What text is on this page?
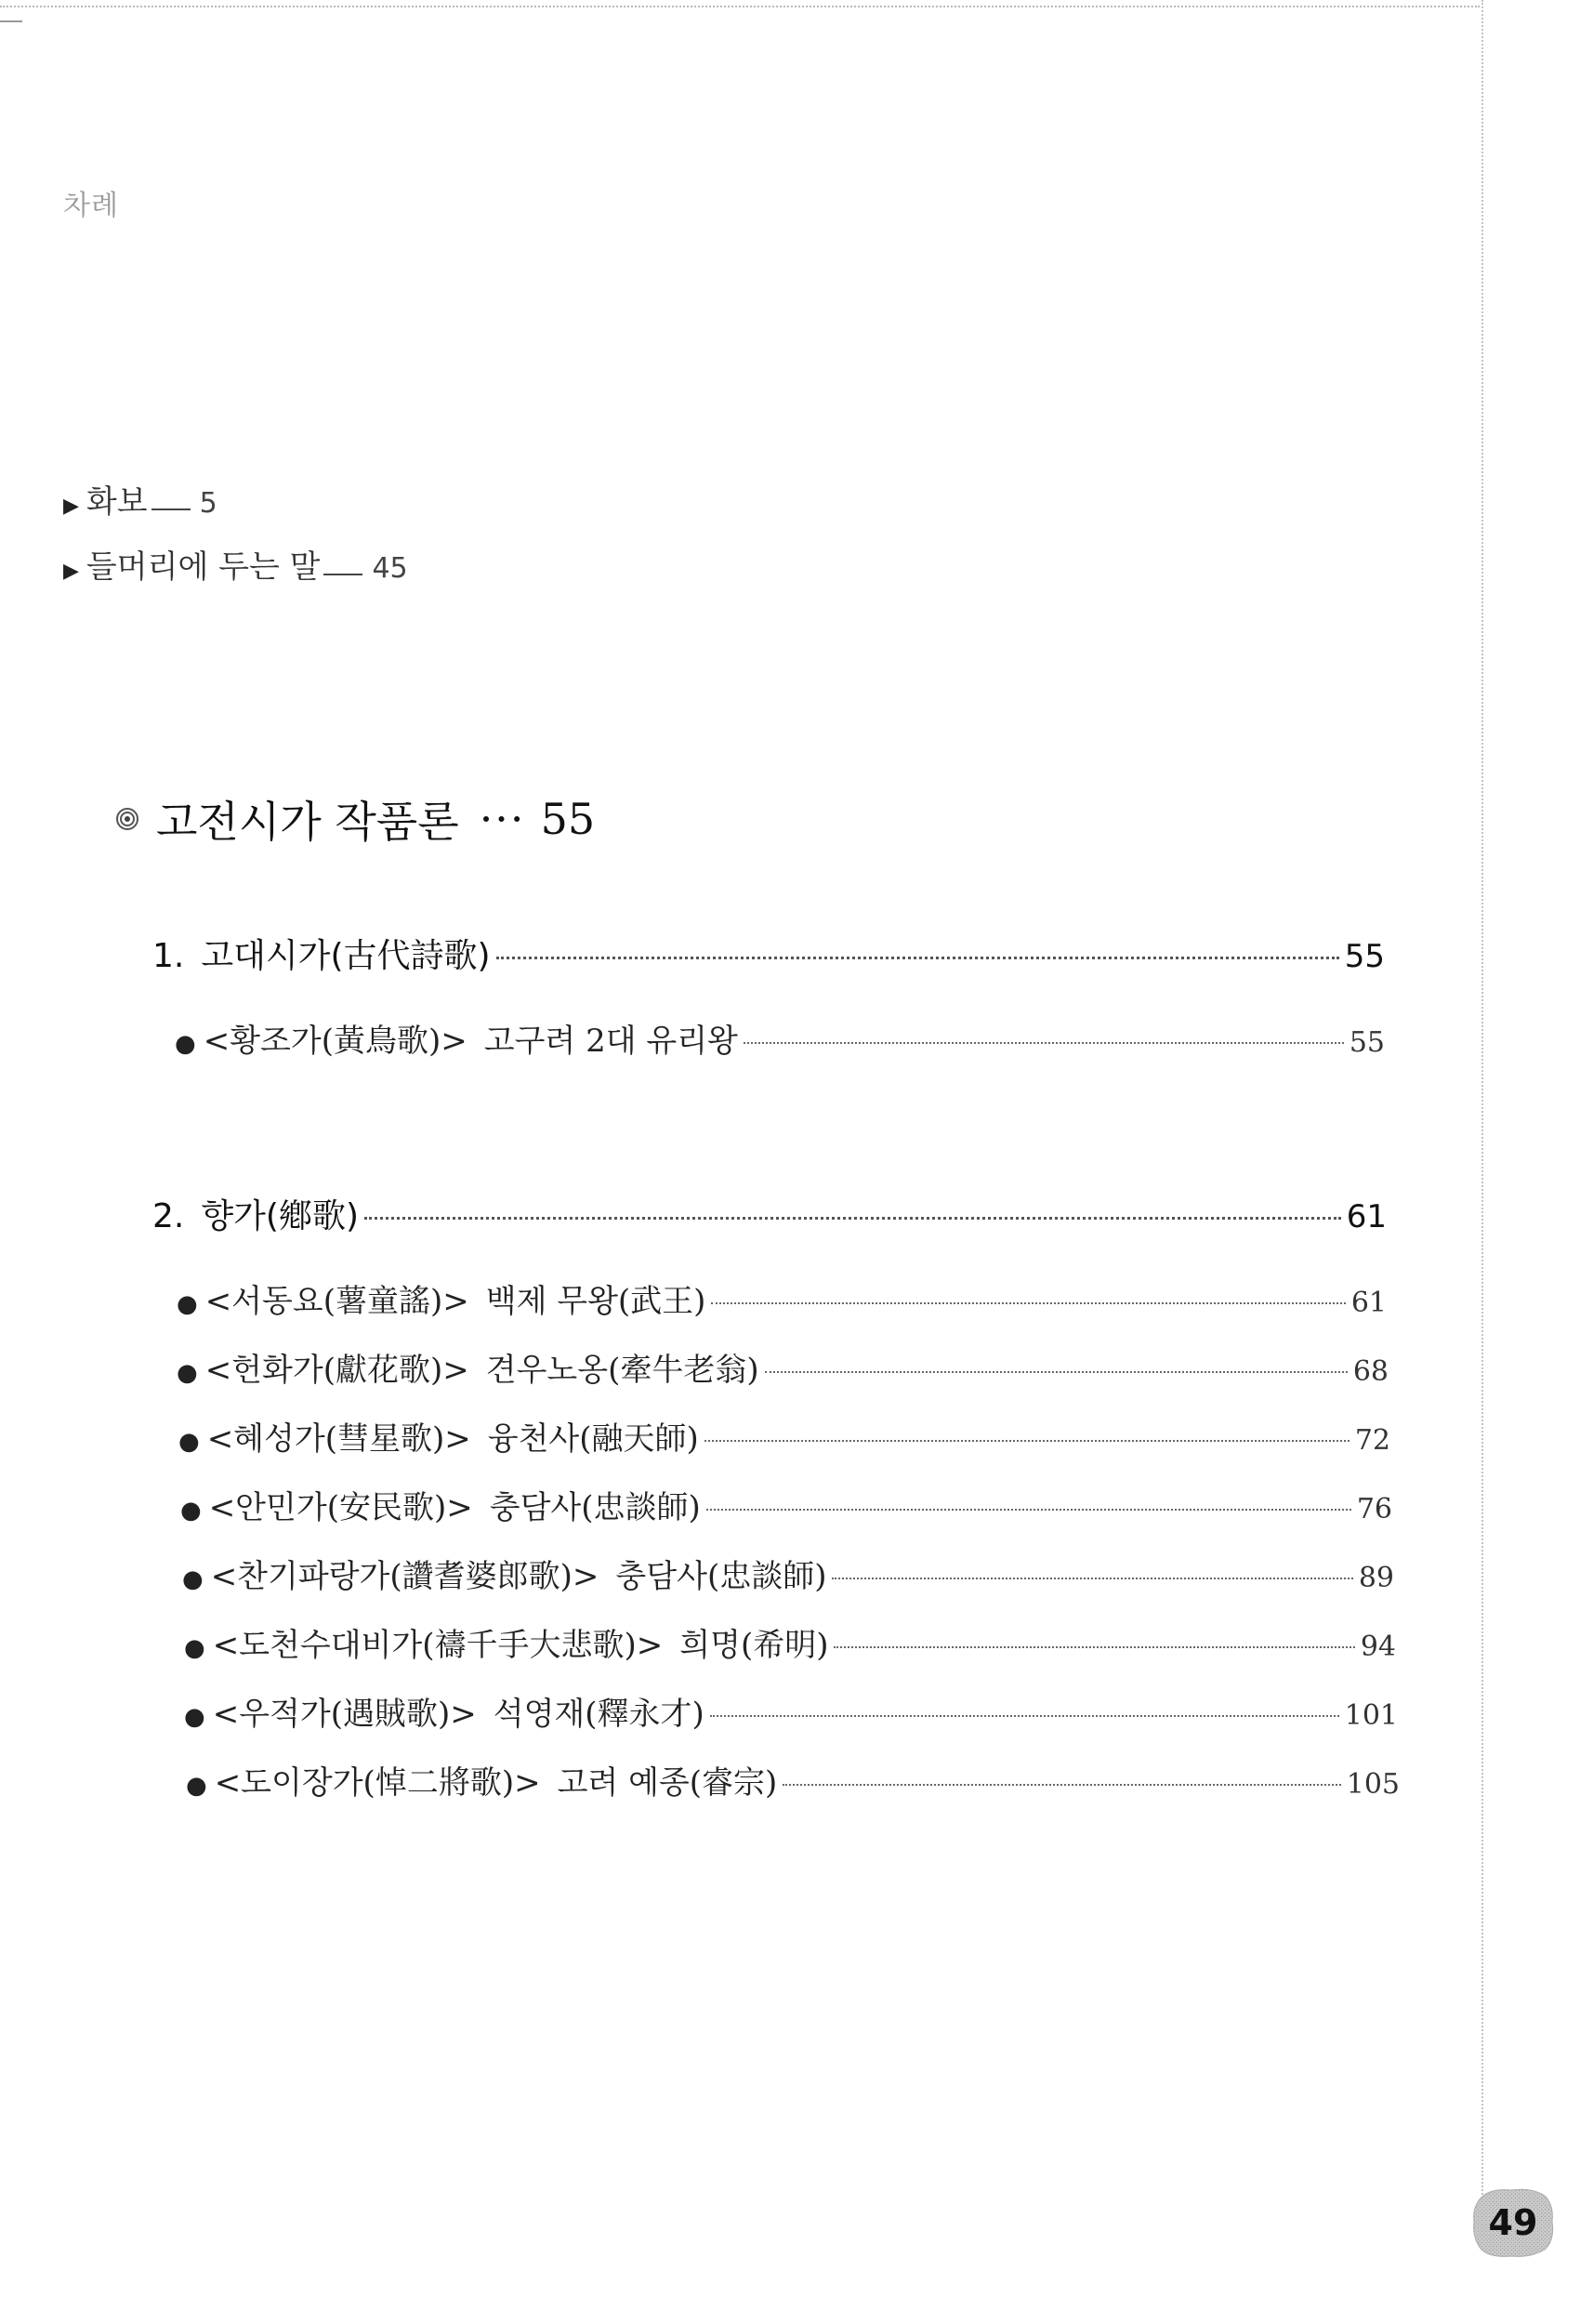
차례
▶ 화보 5
▶ 들머리에 두는 말 45
고전시가 작품론 ··· 55
1. 고대시가(古代詩歌)	55
● <황조가(黃鳥歌)> 고구려 2대 유리왕	55
2. 향가(鄕歌)	61
● <서동요(薯童謠)> 백제 무왕(武王)	61
● <헌화가(獻花歌)> 견우노옹(牽牛老翁)	68
● <혜성가(彗星歌)> 융천사(融天師)	72
● <안민가(安民歌)> 충담사(忠談師)	76
● <찬기파랑가(讚耆婆郎歌)> 충담사(忠談師)	89
● <도천수대비가(禱千手大悲歌)> 희명(希明)	94
● <우적가(遇賊歌)> 석영재(釋永才)	101
● <도이장가(悼二將歌)> 고려 예종(睿宗)	105
49
